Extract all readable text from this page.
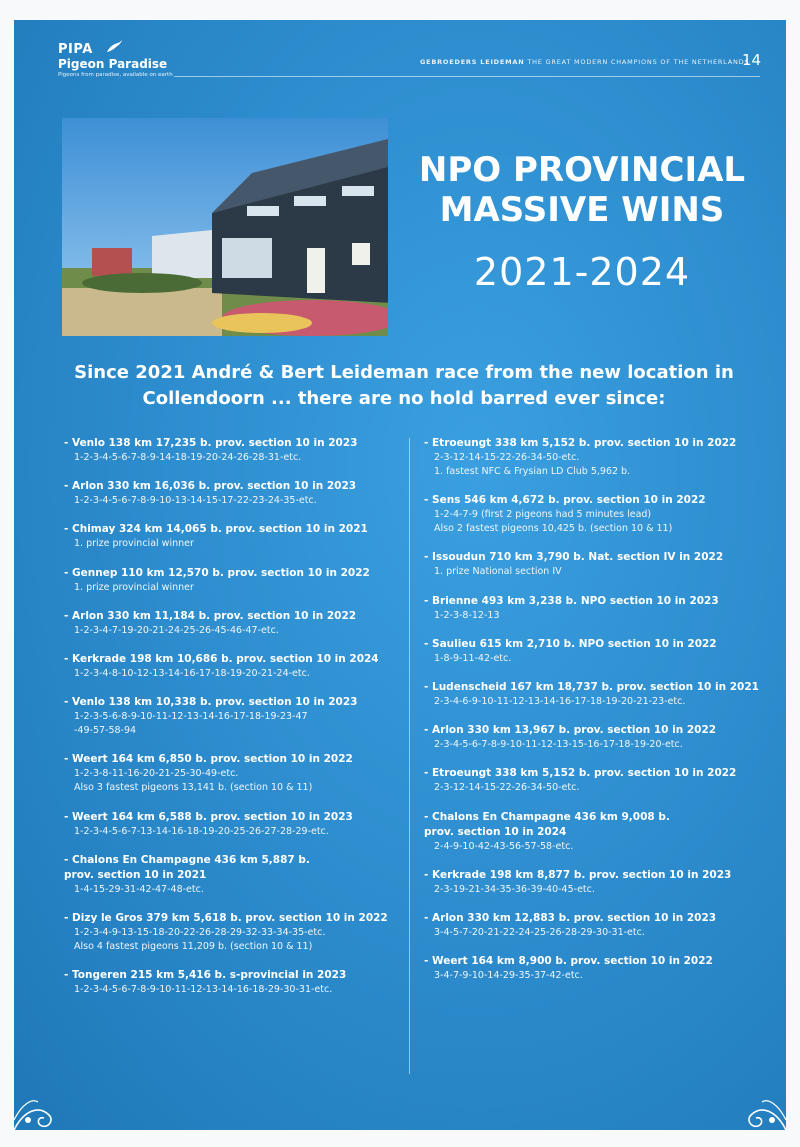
PIPA
Pigeon Paradise
Pigeons from paradise, available on earth
GEBROEDERS LEIDEMAN THE GREAT MODERN CHAMPIONS OF THE NETHERLANDS
14
NPO PROVINCIAL
MASSIVE WINS
2021-2024
Since 2021 André & Bert Leideman race from the new location in
Collendoorn ... there are no hold barred ever since:
- Venlo 138 km 17,235 b. prov. section 10 in 2023
1-2-3-4-5-6-7-8-9-14-18-19-20-24-26-28-31-etc.
- Arlon 330 km 16,036 b. prov. section 10 in 2023
1-2-3-4-5-6-7-8-9-10-13-14-15-17-22-23-24-35-etc.
- Chimay 324 km 14,065 b. prov. section 10 in 2021
1. prize provincial winner
- Gennep 110 km 12,570 b. prov. section 10 in 2022
1. prize provincial winner
- Arlon 330 km 11,184 b. prov. section 10 in 2022
1-2-3-4-7-19-20-21-24-25-26-45-46-47-etc.
- Kerkrade 198 km 10,686 b. prov. section 10 in 2024
1-2-3-4-8-10-12-13-14-16-17-18-19-20-21-24-etc.
- Venlo 138 km 10,338 b. prov. section 10 in 2023
1-2-3-5-6-8-9-10-11-12-13-14-16-17-18-19-23-47
-49-57-58-94
- Weert 164 km 6,850 b. prov. section 10 in 2022
1-2-3-8-11-16-20-21-25-30-49-etc.
Also 3 fastest pigeons 13,141 b. (section 10 & 11)
- Weert 164 km 6,588 b. prov. section 10 in 2023
1-2-3-4-5-6-7-13-14-16-18-19-20-25-26-27-28-29-etc.
- Chalons En Champagne 436 km 5,887 b.
prov. section 10 in 2021
1-4-15-29-31-42-47-48-etc.
- Dizy le Gros 379 km 5,618 b. prov. section 10 in 2022
1-2-3-4-9-13-15-18-20-22-26-28-29-32-33-34-35-etc.
Also 4 fastest pigeons 11,209 b. (section 10 & 11)
- Tongeren 215 km 5,416 b. s-provincial in 2023
1-2-3-4-5-6-7-8-9-10-11-12-13-14-16-18-29-30-31-etc.
- Etroeungt 338 km 5,152 b. prov. section 10 in 2022
2-3-12-14-15-22-26-34-50-etc.
1. fastest NFC & Frysian LD Club 5,962 b.
- Sens 546 km 4,672 b. prov. section 10 in 2022
1-2-4-7-9 (first 2 pigeons had 5 minutes lead)
Also 2 fastest pigeons 10,425 b. (section 10 & 11)
- Issoudun 710 km 3,790 b. Nat. section IV in 2022
1. prize National section IV
- Brienne 493 km 3,238 b. NPO section 10 in 2023
1-2-3-8-12-13
- Saulieu 615 km 2,710 b. NPO section 10 in 2022
1-8-9-11-42-etc.
- Ludenscheid 167 km 18,737 b. prov. section 10 in 2021
2-3-4-6-9-10-11-12-13-14-16-17-18-19-20-21-23-etc.
- Arlon 330 km 13,967 b. prov. section 10 in 2022
2-3-4-5-6-7-8-9-10-11-12-13-15-16-17-18-19-20-etc.
- Etroeungt 338 km 5,152 b. prov. section 10 in 2022
2-3-12-14-15-22-26-34-50-etc.
- Chalons En Champagne 436 km 9,008 b.
prov. section 10 in 2024
2-4-9-10-42-43-56-57-58-etc.
- Kerkrade 198 km 8,877 b. prov. section 10 in 2023
2-3-19-21-34-35-36-39-40-45-etc.
- Arlon 330 km 12,883 b. prov. section 10 in 2023
3-4-5-7-20-21-22-24-25-26-28-29-30-31-etc.
- Weert 164 km 8,900 b. prov. section 10 in 2022
3-4-7-9-10-14-29-35-37-42-etc.
